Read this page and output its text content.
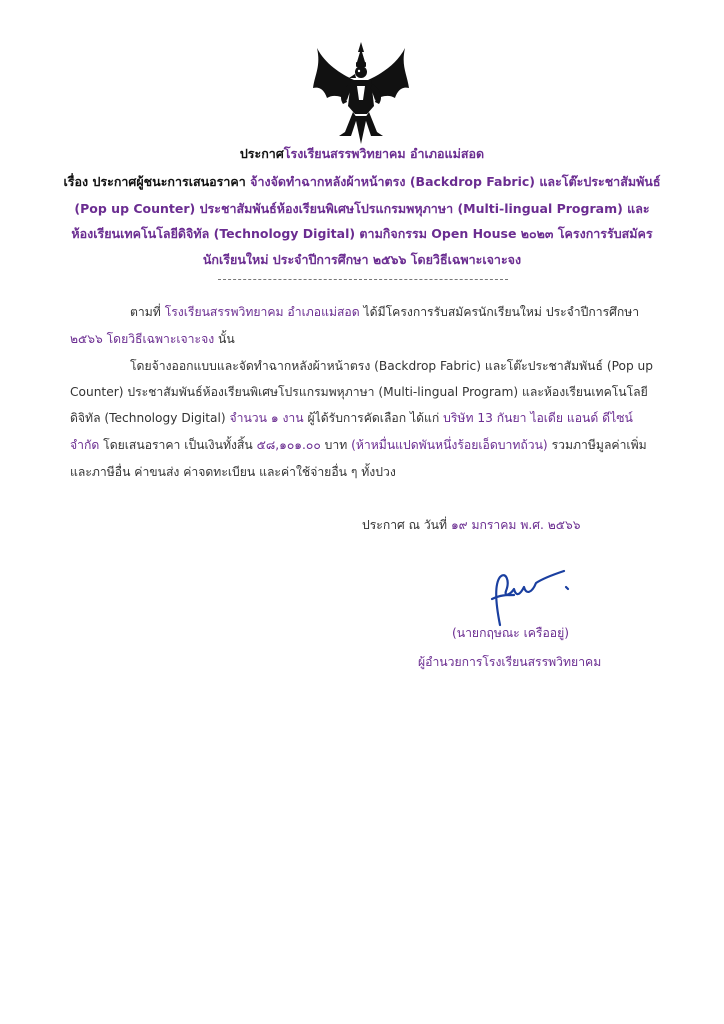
ประกาศโรงเรียนสรรพวิทยาคม อำเภอแม่สอด
เรื่อง ประกาศผู้ชนะการเสนอราคา จ้างจัดทำฉากหลังผ้าหน้าตรง (Backdrop Fabric) และโต๊ะประชาสัมพันธ์
(Pop up Counter) ประชาสัมพันธ์ห้องเรียนพิเศษโปรแกรมพหุภาษา (Multi-lingual Program) และ
ห้องเรียนเทคโนโลยีดิจิทัล (Technology Digital) ตามกิจกรรม Open House ๒๐๒๓ โครงการรับสมัคร
นักเรียนใหม่ ประจำปีการศึกษา ๒๕๖๖ โดยวิธีเฉพาะเจาะจง
ตามที่ โรงเรียนสรรพวิทยาคม อำเภอแม่สอด ได้มีโครงการรับสมัครนักเรียนใหม่ ประจำปีการศึกษา
๒๕๖๖ โดยวิธีเฉพาะเจาะจง นั้น
โดยจ้างออกแบบและจัดทำฉากหลังผ้าหน้าตรง (Backdrop Fabric) และโต๊ะประชาสัมพันธ์ (Pop up
Counter) ประชาสัมพันธ์ห้องเรียนพิเศษโปรแกรมพหุภาษา (Multi-lingual Program) และห้องเรียนเทคโนโลยี
ดิจิทัล (Technology Digital) จำนวน ๑ งาน ผู้ได้รับการคัดเลือก ได้แก่ บริษัท 13 กันยา ไอเดีย แอนด์ ดีไซน์
จำกัด โดยเสนอราคา เป็นเงินทั้งสิ้น ๕๘,๑๐๑.๐๐ บาท (ห้าหมื่นแปดพันหนึ่งร้อยเอ็ดบาทถ้วน) รวมภาษีมูลค่าเพิ่ม
และภาษีอื่น ค่าขนส่ง ค่าจดทะเบียน และค่าใช้จ่ายอื่น ๆ ทั้งปวง
ประกาศ ณ วันที่ ๑๙ มกราคม พ.ศ. ๒๕๖๖
(นายกฤษณะ เครืออยู่)
ผู้อำนวยการโรงเรียนสรรพวิทยาคม
